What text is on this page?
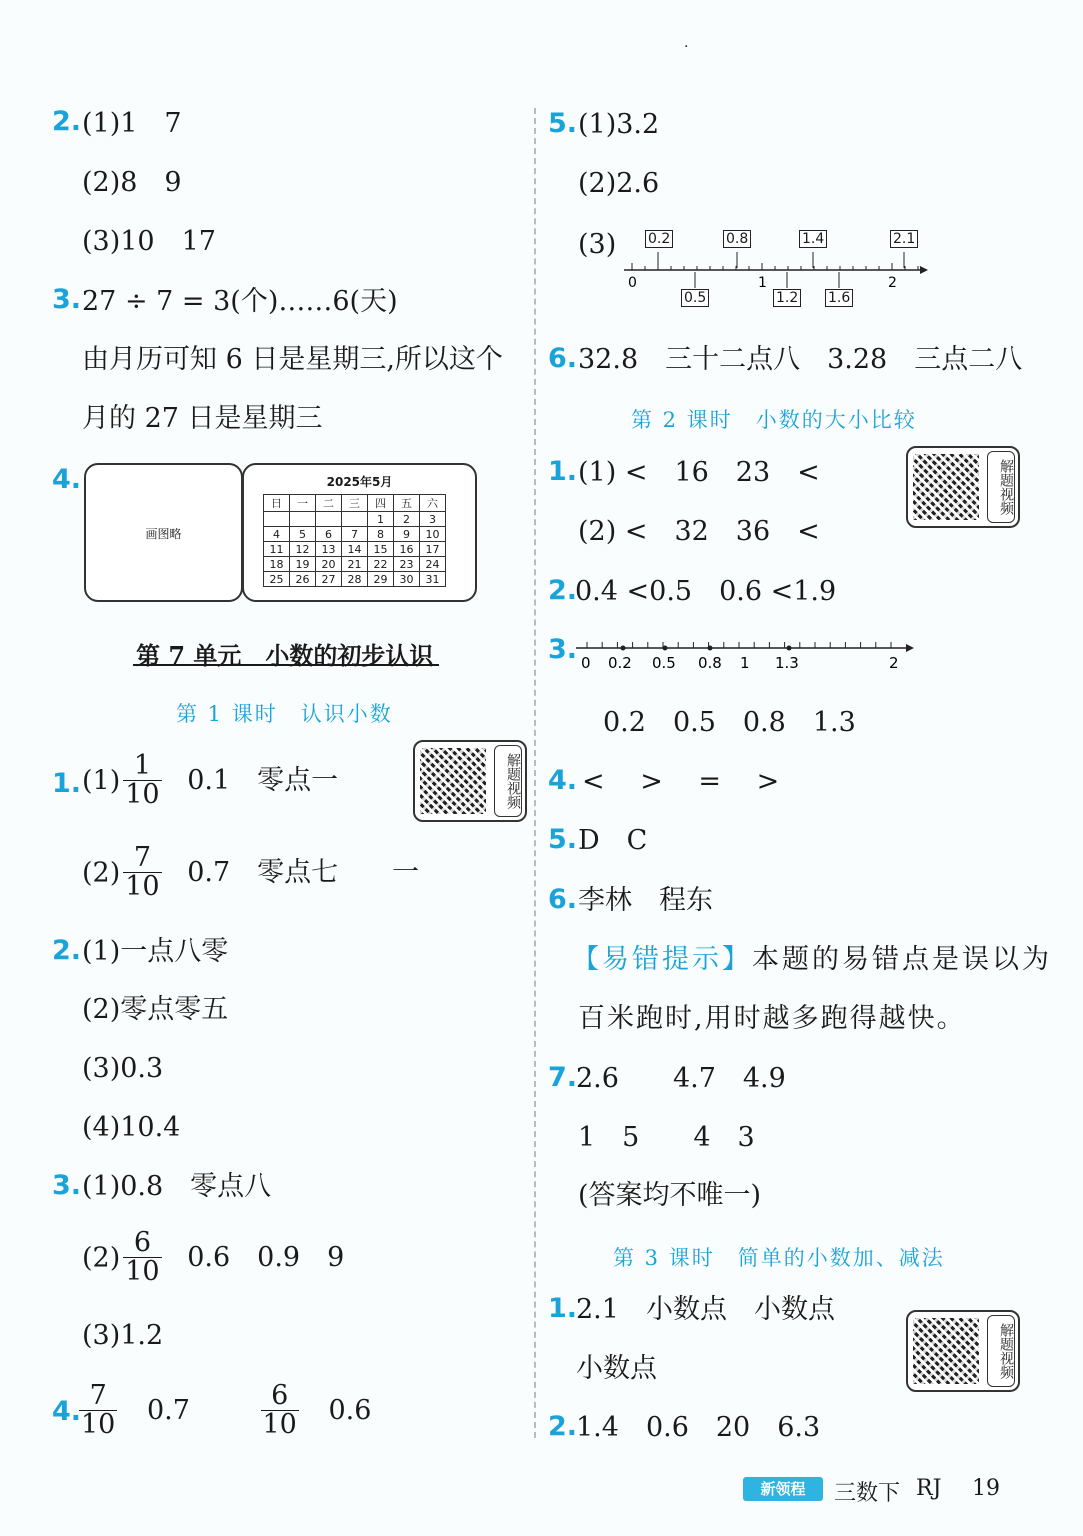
·
2. (1)1　7
(2)8　9
(3)10　17
3. 27 ÷ 7 = 3(个)……6(天)
由月历可知 6 日是星期三,所以这个
月的 27 日是星期三
4.
画图略
2025年5月
日	一	二	三	四	五	六
				1	2	3
4	5	6	7	8	9	10
11	12	13	14	15	16	17
18	19	20	21	22	23	24
25	26	27	28	29	30	31
第 7 单元　小数的初步认识
第 1 课时　认识小数
解题视频
1. $(1) \frac{1}{10} 0.1$　零点一
$(2) \frac{7}{10} 0.7$　零点七　　一
2. (1)一点八零
(2)零点零五
(3)0.3
(4)10.4
3. (1)0.8　零点八
$(2) \frac{6}{10} 0.6$　0.9　9
(3)1.2
4.
$\frac{7}{10} 0.7$	$\frac{6}{10} 0.6$
5. (1)3.2
(2)2.6
(3)
0	1	2
0.2	0.8	1.4	2.1
0.5	1.2 1.6
6. 32.8　三十二点八　3.28　三点二八
第 2 课时　小数的大小比较
解题视频
1. (1) <　16　23　<
(2) <　32　36　<
2.
0.4 <0.5　0.6 <1.9
3. 0 0.2 0.5 0.8 1 1.3	2
0.2　0.5　0.8　1.3
4. <　 >　 =　 >
5. D　C
6. 李林　程东
【易错提示】本题的易错点是误以为
百米跑时,用时越多跑得越快。
7.
2.6　　4.7　4.9
1　5　　4　3
(答案均不唯一)
第 3 课时　简单的小数加、减法
解题视频
1.
2.1　小数点　小数点
小数点
2.
1.4　0.6　20　6.3
新领程	三数下 RJ 19
